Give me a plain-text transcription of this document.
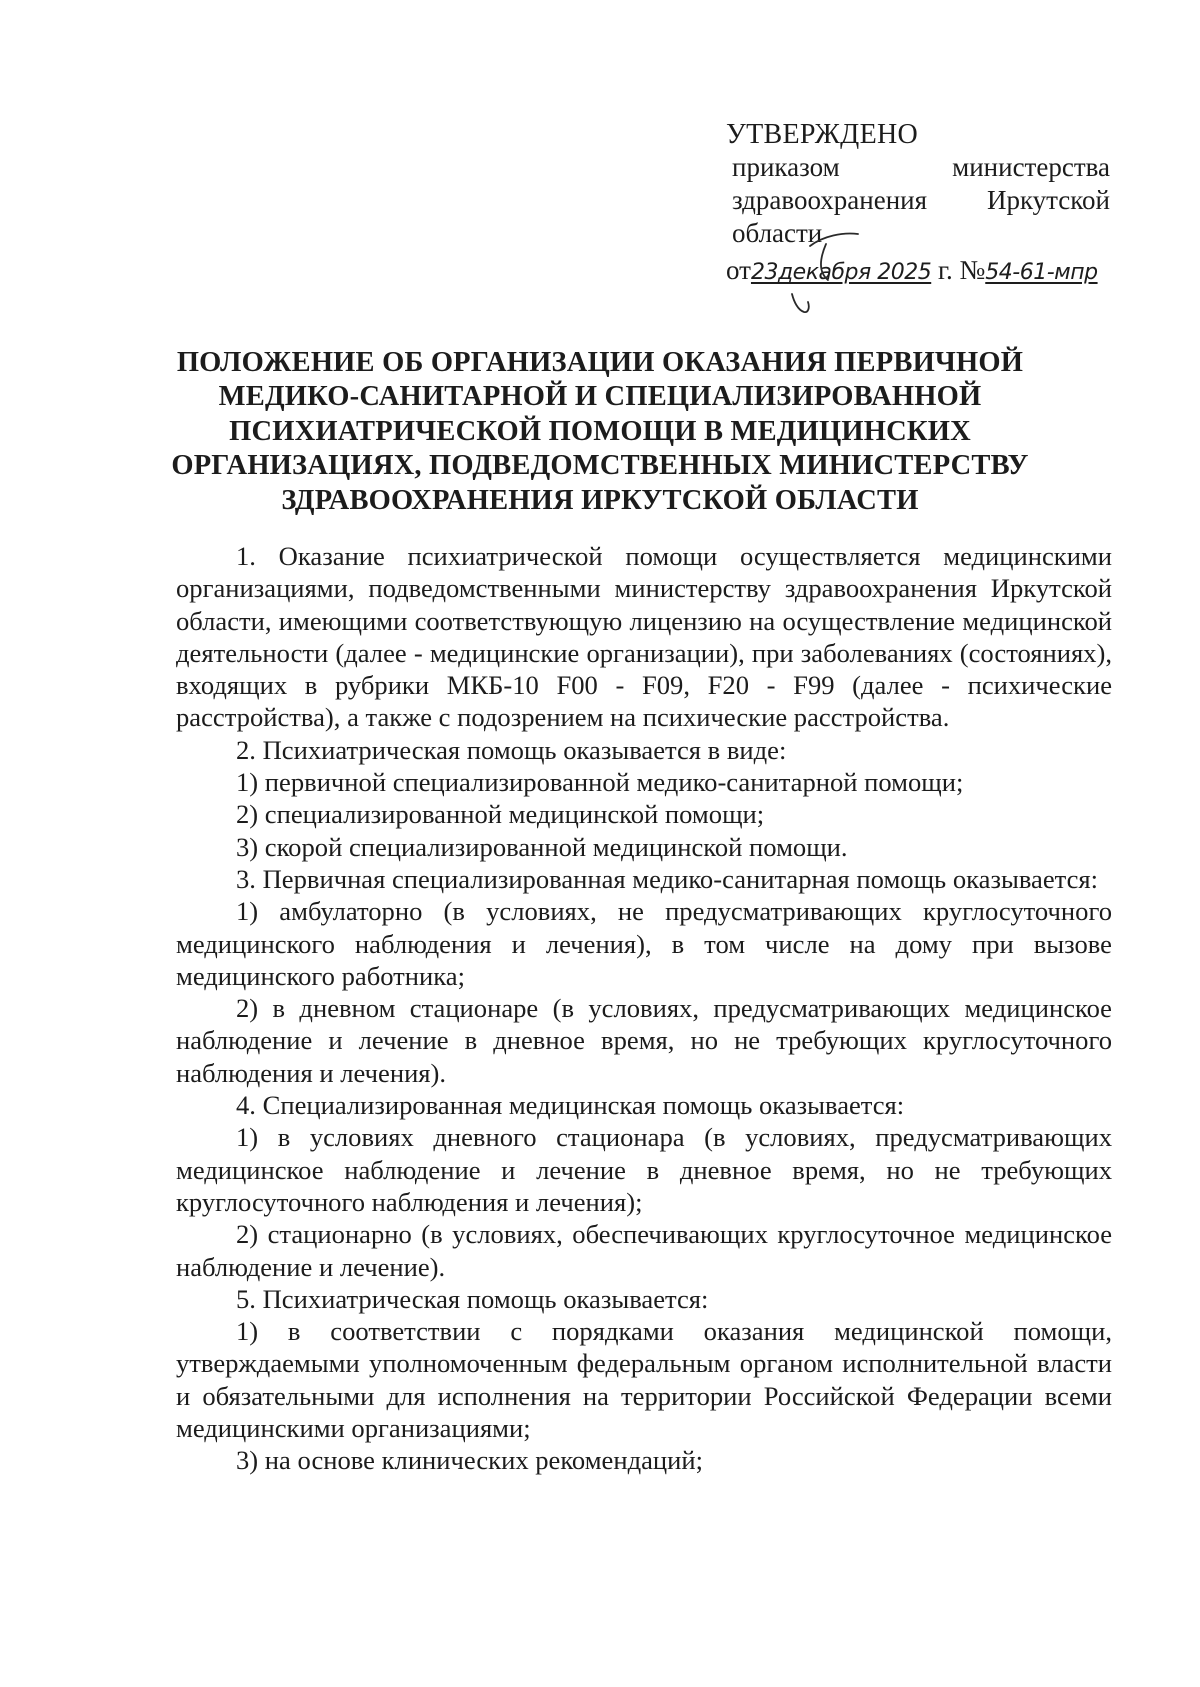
УТВЕРЖДЕНО
приказом министерства здравоохранения Иркутской области
от23декабря 2025 г. №54-61-мпр
ПОЛОЖЕНИЕ ОБ ОРГАНИЗАЦИИ ОКАЗАНИЯ ПЕРВИЧНОЙ
МЕДИКО-САНИТАРНОЙ И СПЕЦИАЛИЗИРОВАННОЙ
ПСИХИАТРИЧЕСКОЙ ПОМОЩИ В МЕДИЦИНСКИХ
ОРГАНИЗАЦИЯХ, ПОДВЕДОМСТВЕННЫХ МИНИСТЕРСТВУ
ЗДРАВООХРАНЕНИЯ ИРКУТСКОЙ ОБЛАСТИ

1. Оказание психиатрической помощи осуществляется медицинскими организациями, подведомственными министерству здравоохранения Иркутской области, имеющими соответствующую лицензию на осуществление медицинской деятельности (далее - медицинские организации), при заболеваниях (состояниях), входящих в рубрики МКБ-10 F00 - F09, F20 - F99 (далее - психические расстройства), а также с подозрением на психические расстройства.

2. Психиатрическая помощь оказывается в виде:

1) первичной специализированной медико-санитарной помощи;

2) специализированной медицинской помощи;

3) скорой специализированной медицинской помощи.

3. Первичная специализированная медико-санитарная помощь оказывается:

1) амбулаторно (в условиях, не предусматривающих круглосуточного медицинского наблюдения и лечения), в том числе на дому при вызове медицинского работника;

2) в дневном стационаре (в условиях, предусматривающих медицинское наблюдение и лечение в дневное время, но не требующих круглосуточного наблюдения и лечения).

4. Специализированная медицинская помощь оказывается:

1) в условиях дневного стационара (в условиях, предусматривающих медицинское наблюдение и лечение в дневное время, но не требующих круглосуточного наблюдения и лечения);

2) стационарно (в условиях, обеспечивающих круглосуточное медицинское наблюдение и лечение).

5. Психиатрическая помощь оказывается:

1) в соответствии с порядками оказания медицинской помощи, утверждаемыми уполномоченным федеральным органом исполнительной власти и обязательными для исполнения на территории Российской Федерации всеми медицинскими организациями;

3) на основе клинических рекомендаций;
